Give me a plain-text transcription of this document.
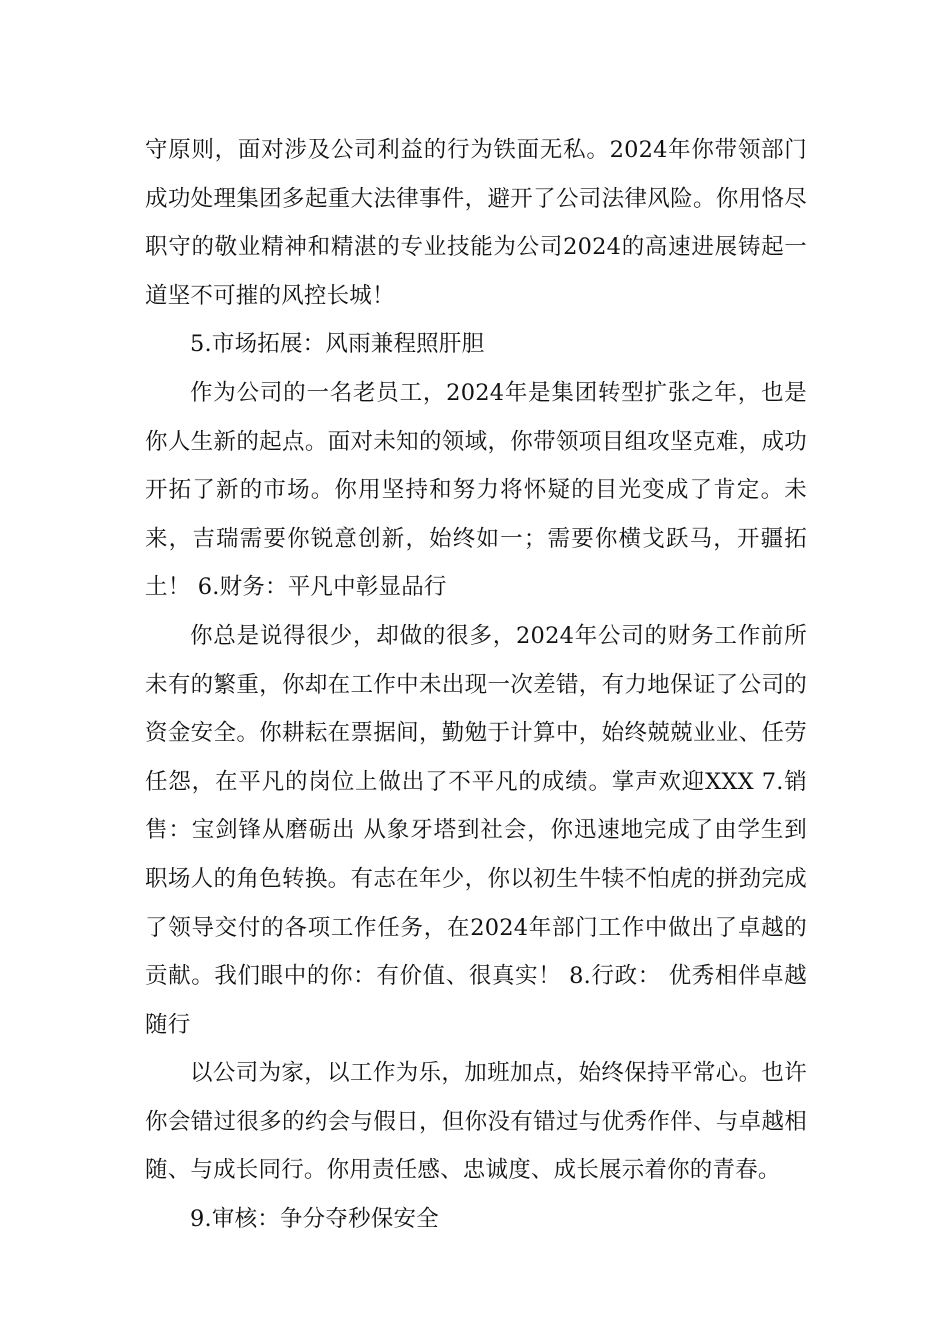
守原则，面对涉及公司利益的行为铁面无私。2024年你带领部门成功处理集团多起重大法律事件，避开了公司法律风险。你用恪尽职守的敬业精神和精湛的专业技能为公司2024的高速进展铸起一道坚不可摧的风控长城！

5.市场拓展：风雨兼程照肝胆

作为公司的一名老员工，2024年是集团转型扩张之年，也是你人生新的起点。面对未知的领域，你带领项目组攻坚克难，成功开拓了新的市场。你用坚持和努力将怀疑的目光变成了肯定。未来，吉瑞需要你锐意创新，始终如一；需要你横戈跃马，开疆拓土！ 6.财务：平凡中彰显品行

你总是说得很少，却做的很多，2024年公司的财务工作前所未有的繁重，你却在工作中未出现一次差错，有力地保证了公司的资金安全。你耕耘在票据间，勤勉于计算中，始终兢兢业业、任劳任怨，在平凡的岗位上做出了不平凡的成绩。掌声欢迎XXX 7.销售：宝剑锋从磨砺出 从象牙塔到社会，你迅速地完成了由学生到职场人的角色转换。有志在年少，你以初生牛犊不怕虎的拼劲完成了领导交付的各项工作任务，在2024年部门工作中做出了卓越的贡献。我们眼中的你：有价值、很真实！ 8.行政： 优秀相伴卓越随行

以公司为家，以工作为乐，加班加点，始终保持平常心。也许你会错过很多的约会与假日，但你没有错过与优秀作伴、与卓越相随、与成长同行。你用责任感、忠诚度、成长展示着你的青春。

9.审核：争分夺秒保安全
